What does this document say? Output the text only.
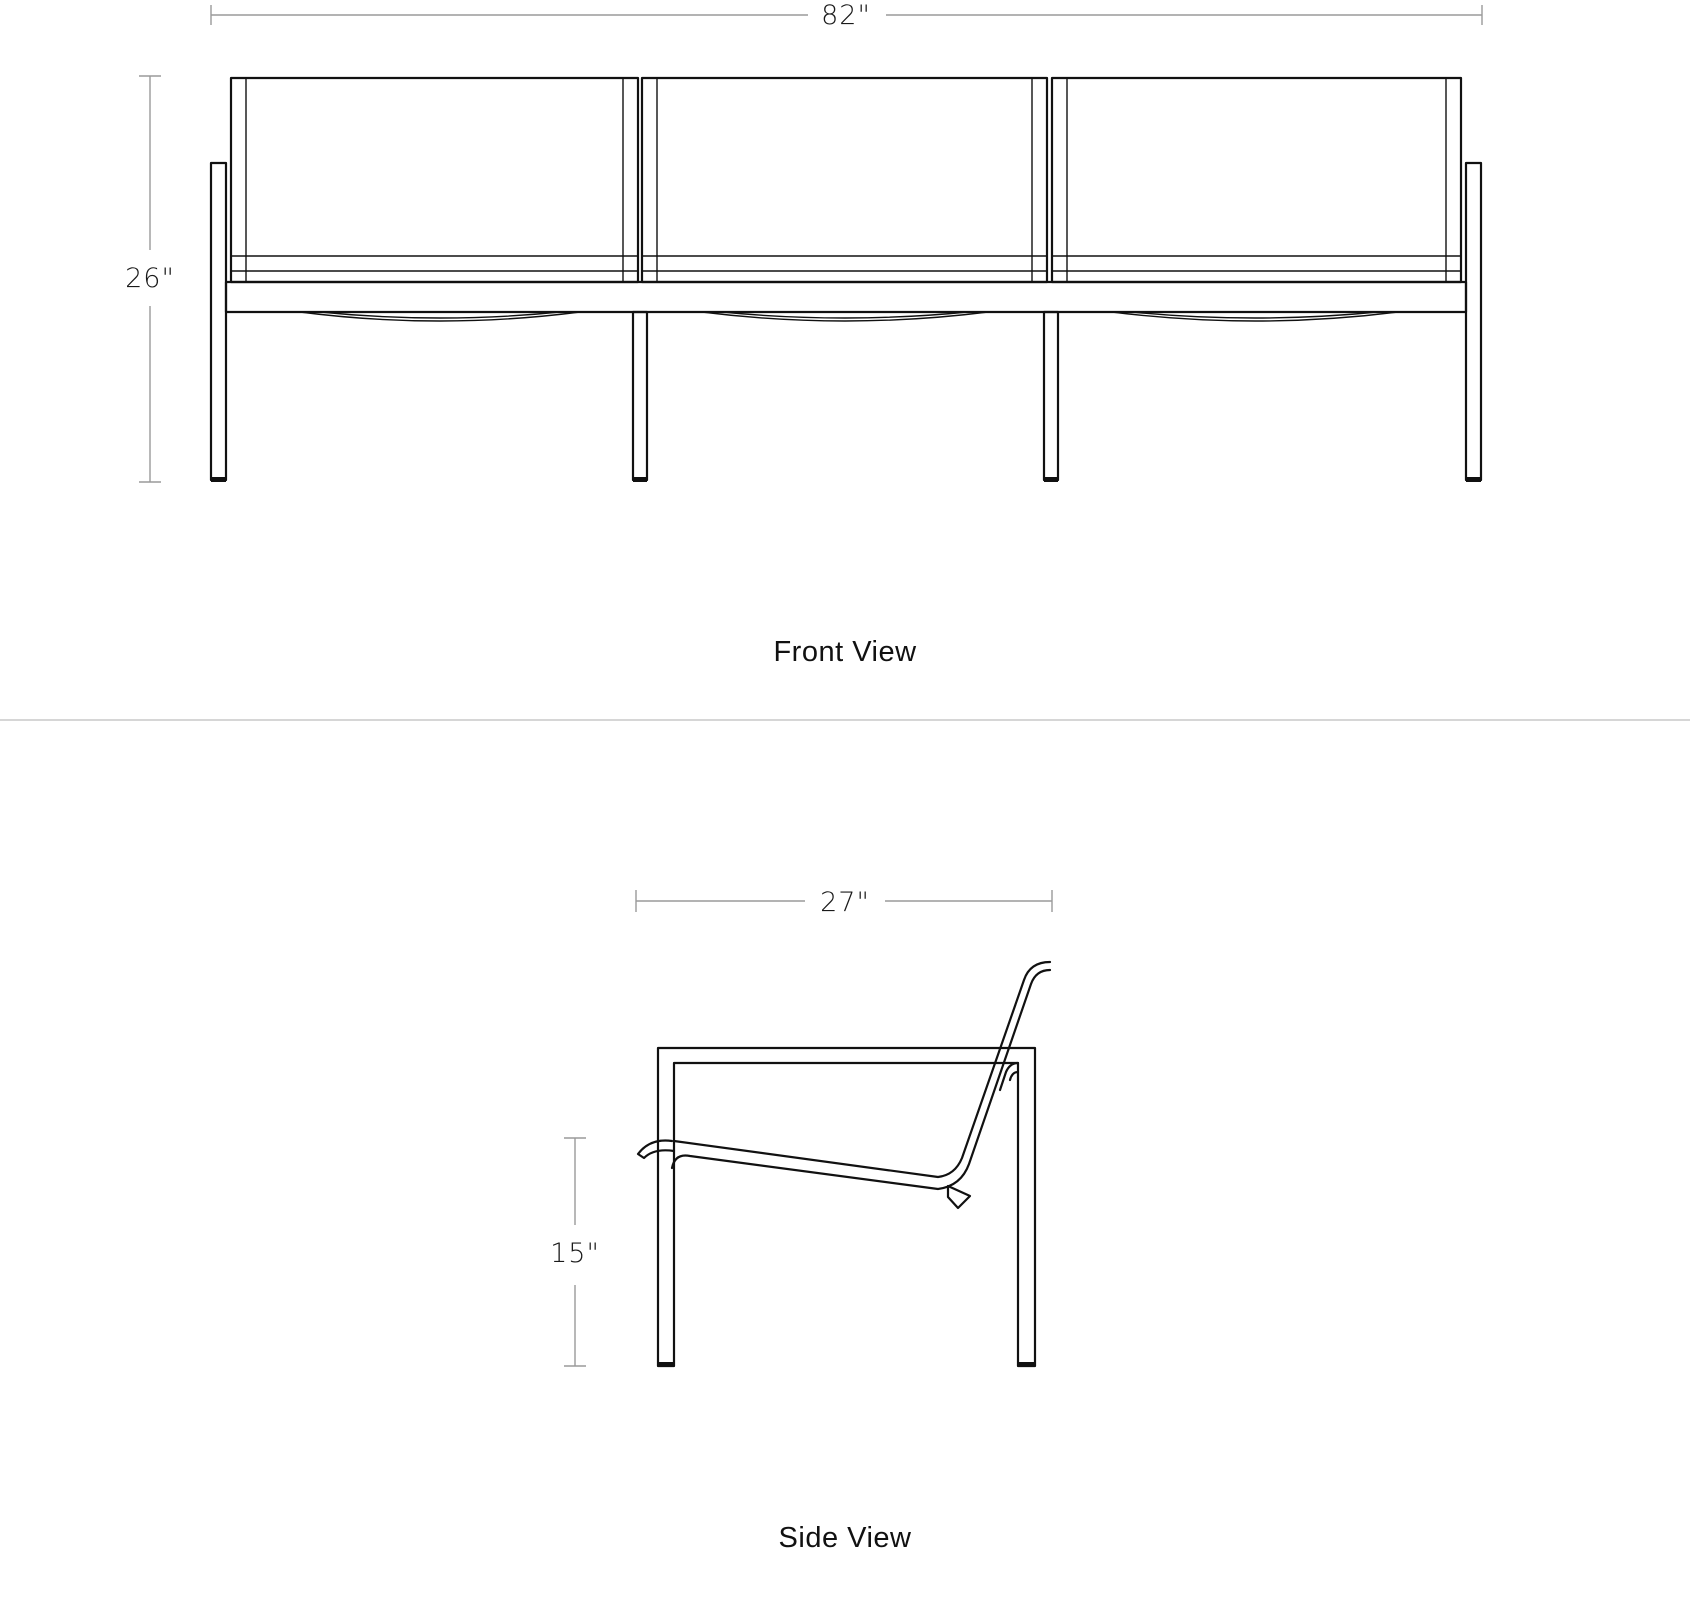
82"
26"
Front View
27"
15"
Side View
